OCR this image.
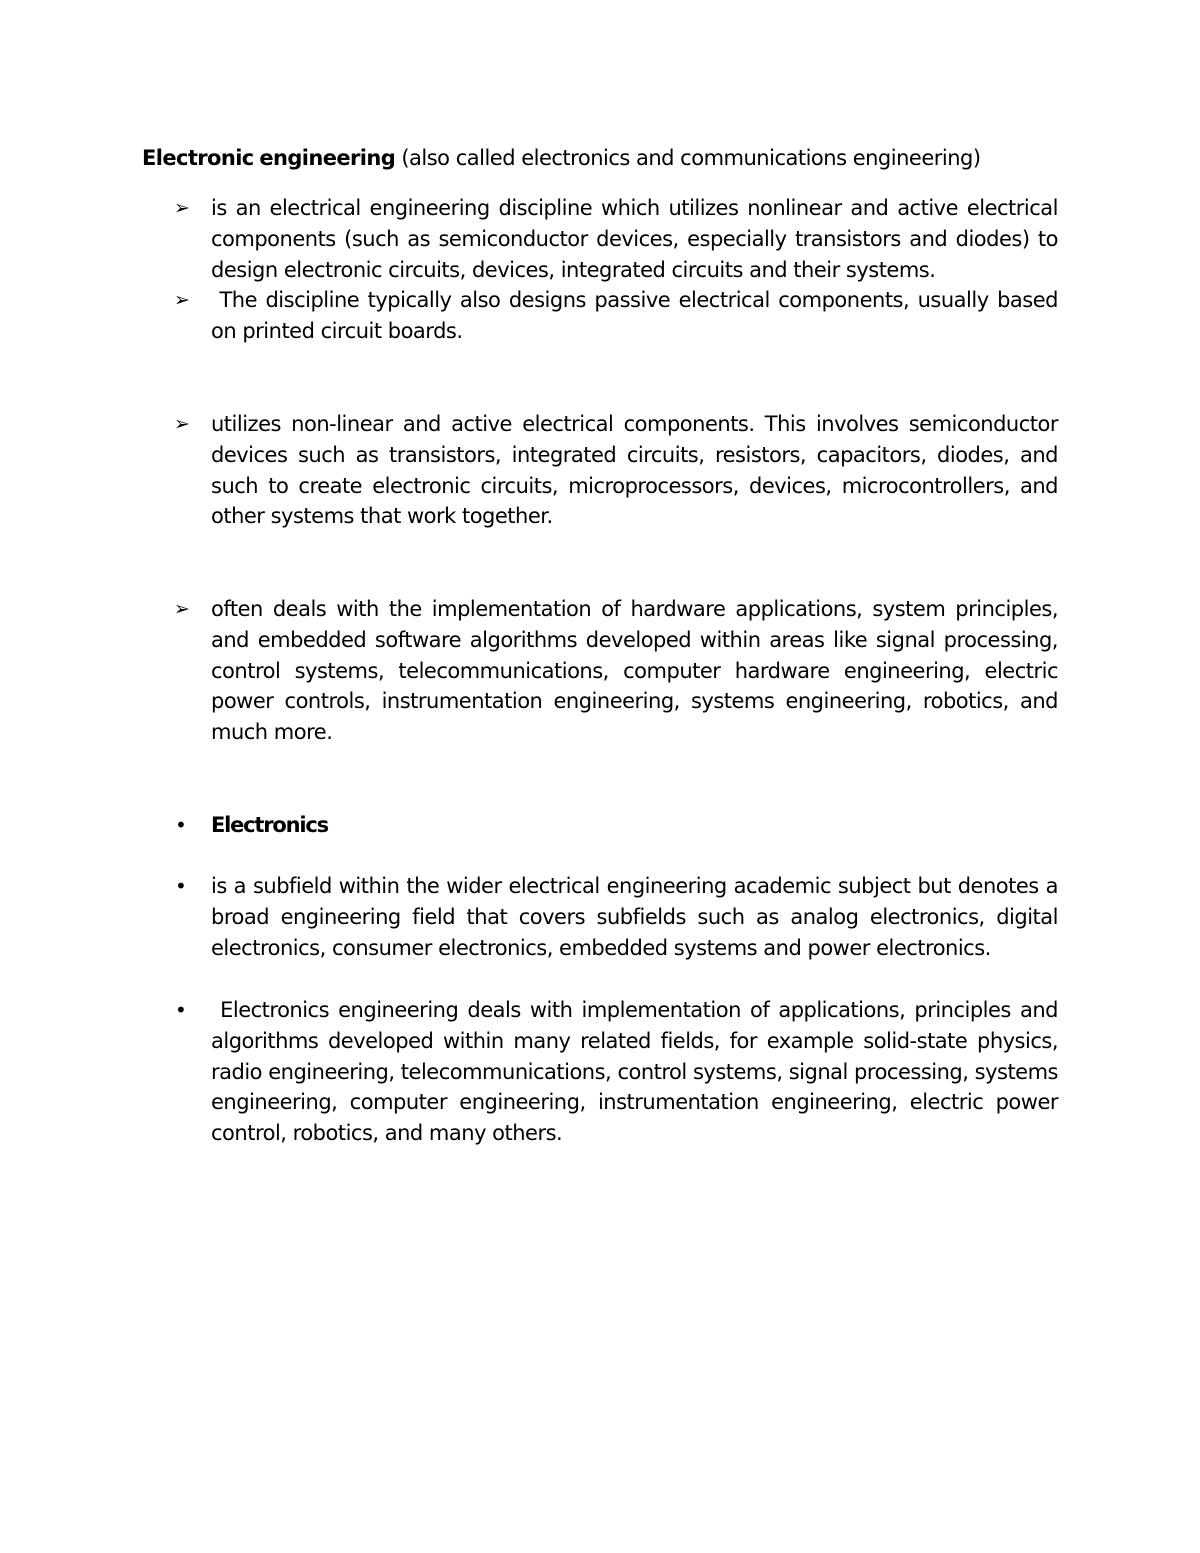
Electronic engineering (also called electronics and communications engineering)
➢	is an electrical engineering discipline which utilizes nonlinear and active electrical components (such as semiconductor devices, especially transistors and diodes) to design electronic circuits, devices, integrated circuits and their systems.
➢	The discipline typically also designs passive electrical components, usually based on printed circuit boards.
➢	utilizes non-linear and active electrical components. This involves semiconductor devices such as transistors, integrated circuits, resistors, capacitors, diodes, and such to create electronic circuits, microprocessors, devices, microcontrollers, and other systems that work together.
➢	often deals with the implementation of hardware applications, system principles, and embedded software algorithms developed within areas like signal processing, control systems, telecommunications, computer hardware engineering, electric power controls, instrumentation engineering, systems engineering, robotics, and much more.
•	Electronics
•	is a subfield within the wider electrical engineering academic subject but denotes a broad engineering field that covers subfields such as analog electronics, digital electronics, consumer electronics, embedded systems and power electronics.
•	Electronics engineering deals with implementation of applications, principles and algorithms developed within many related fields, for example solid-state physics, radio engineering, telecommunications, control systems, signal processing, systems engineering, computer engineering, instrumentation engineering, electric power control, robotics, and many others.
